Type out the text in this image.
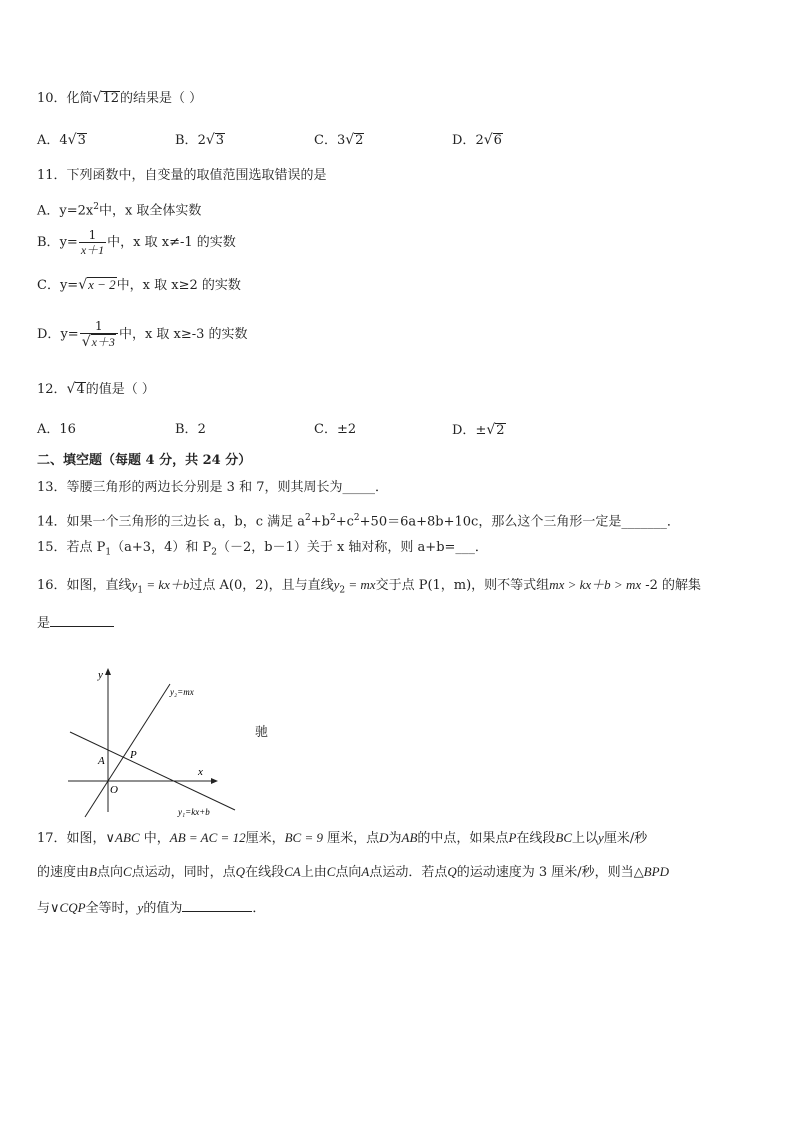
10．化简√12的结果是（ ）
A．4√3	B．2√3	C．3√2	D．2√6
11．下列函数中，自变量的取值范围选取错误的是
A．$y=2x^2$中，x 取全体实数
B．$y= \frac{1}{x+1}$ 中，x 取 x≠-1 的实数
C．y=√x − 2中，x 取 x≥2 的实数
D．$y= \frac{1}{√x+3}$ 中，x 取 x≥-3 的实数
12．√4的值是（ ）
A．16	B．2	C．±2	D．±√2
二、填空题（每题 4 分，共 24 分）
13．等腰三角形的两边长分别是 3 和 7，则其周长为_____．
14．如果一个三角形的三边长 a，b，c 满足 $a^2+b^2+c^2+50=6a+8b+10c$，那么这个三角形一定是_______．
15．若点 $P_1(a+3$，4）和 $P_2(-2$，b－1）关于 x 轴对称，则 a+b=___．
16．如图，直线$y_1 = kx+b$过点 A(0，2)，且与直线$y_2$ = mx交于点 P(1，m)，则不等式组mx > kx＋b > mx -2 的解集
是
y
x
O
A P
y₂=mx
y₁=kx+b
驰
17．如图，∨ABC 中，AB = AC = 12厘米，BC = 9 厘米，点D为AB的中点，如果点P在线段BC上以y厘米/秒
的速度由B点向C点运动，同时，点Q在线段CA上由C点向A点运动．若点Q的运动速度为 3 厘米/秒，则当△BPD
与∨CQP全等时，y的值为	．
